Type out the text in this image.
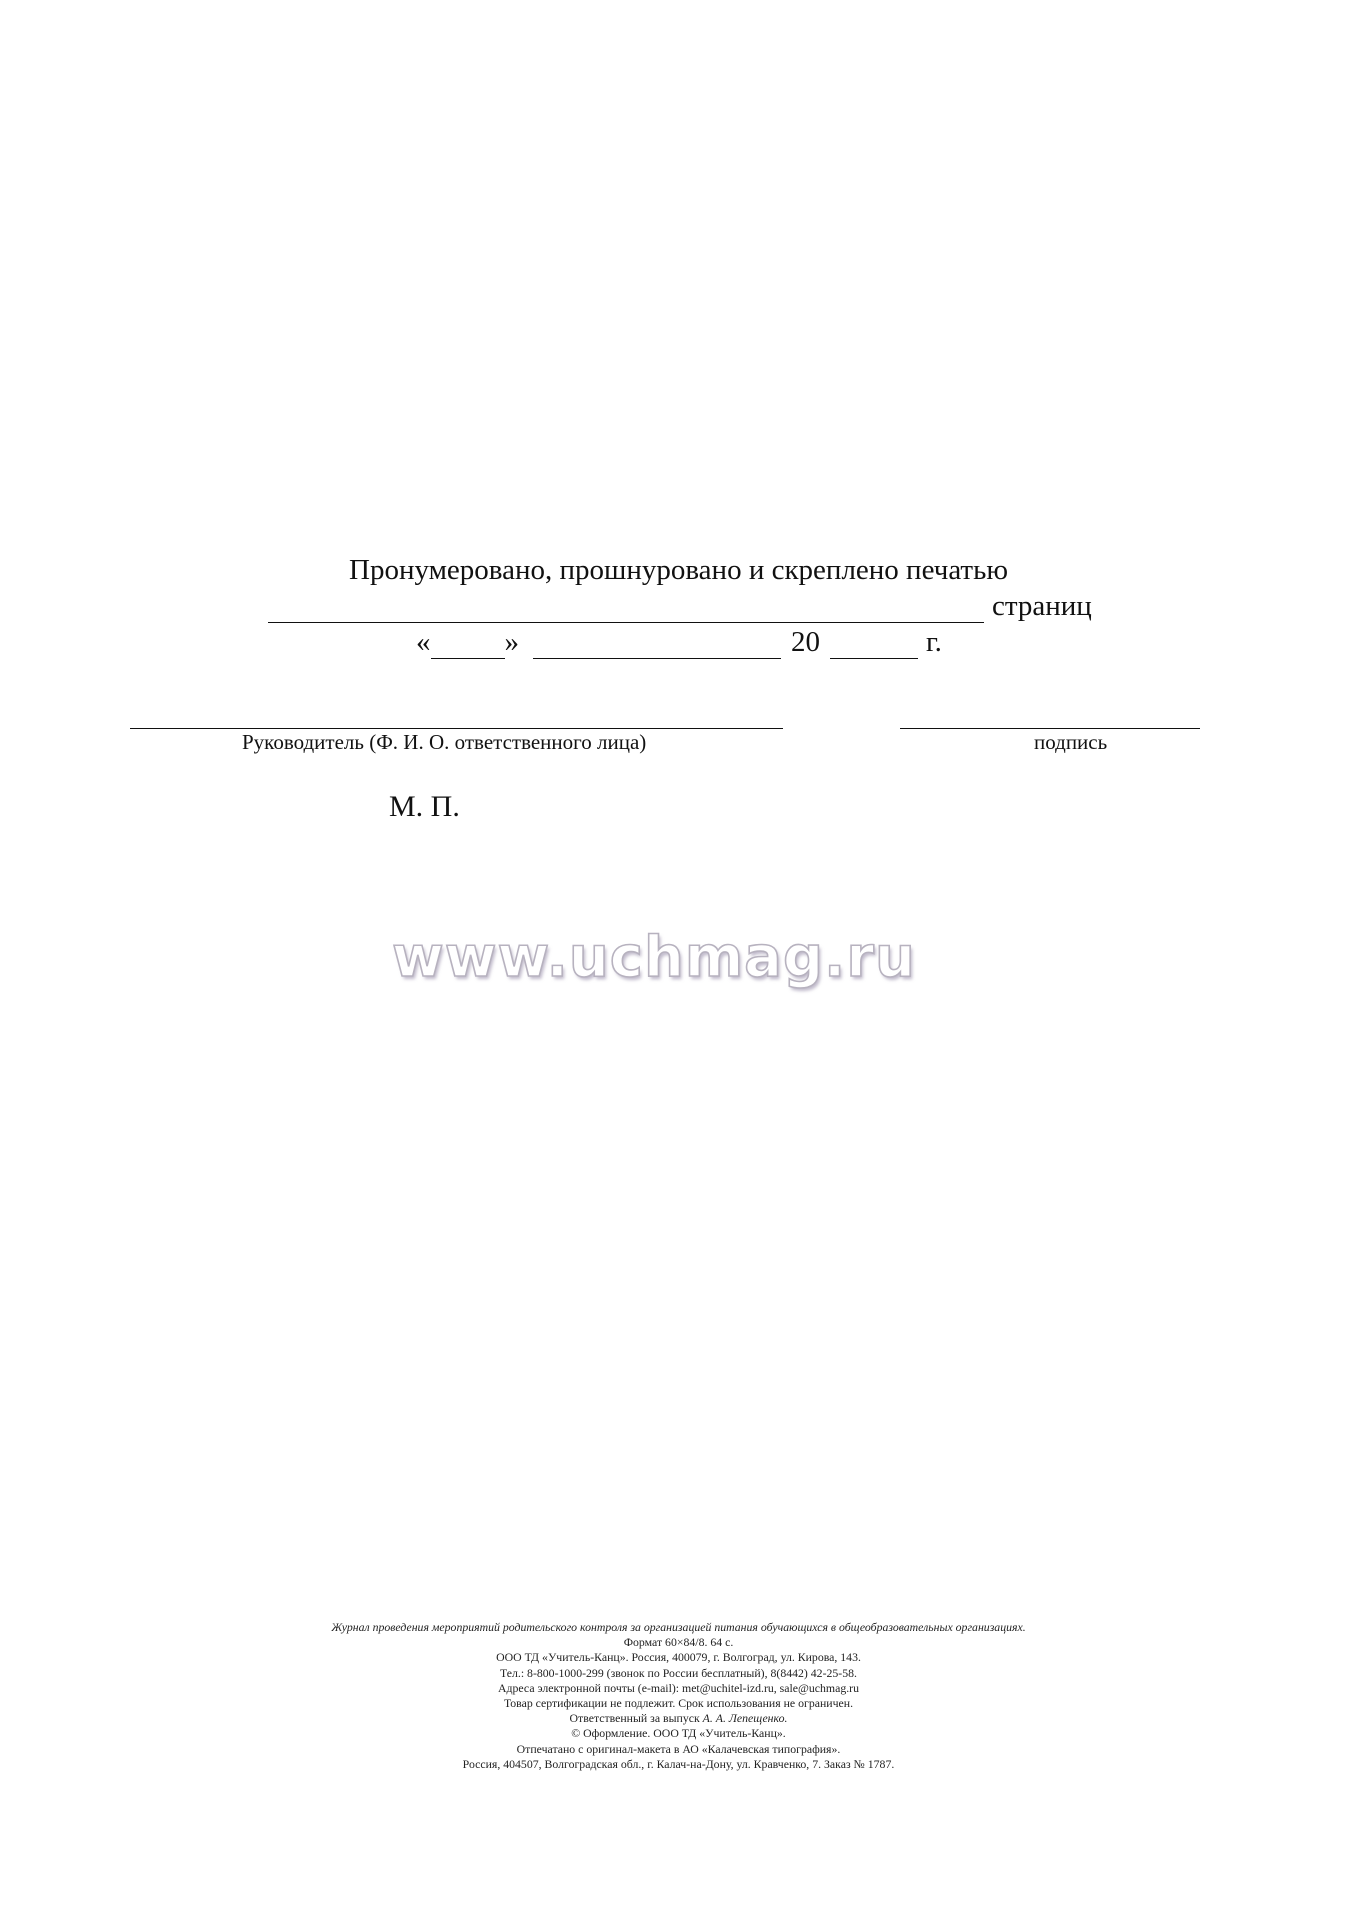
Пронумеровано, прошнуровано и скреплено печатью
страниц
«	»	20	г.
Руководитель (Ф. И. О. ответственного лица)	подпись
М. П.
www.uchmag.ru
Журнал проведения мероприятий родительского контроля за организацией питания обучающихся в общеобразовательных организациях.
Формат 60×84/8. 64 с.
ООО ТД «Учитель-Канц». Россия, 400079, г. Волгоград, ул. Кирова, 143.
Тел.: 8-800-1000-299 (звонок по России бесплатный), 8(8442) 42-25-58.
Адреса электронной почты (e-mail): met@uchitel-izd.ru, sale@uchmag.ru
Товар сертификации не подлежит. Срок использования не ограничен.
Ответственный за выпуск А. А. Лепещенко.
© Оформление. ООО ТД «Учитель-Канц».
Отпечатано с оригинал-макета в АО «Калачевская типография».
Россия, 404507, Волгоградская обл., г. Калач-на-Дону, ул. Кравченко, 7. Заказ № 1787.
